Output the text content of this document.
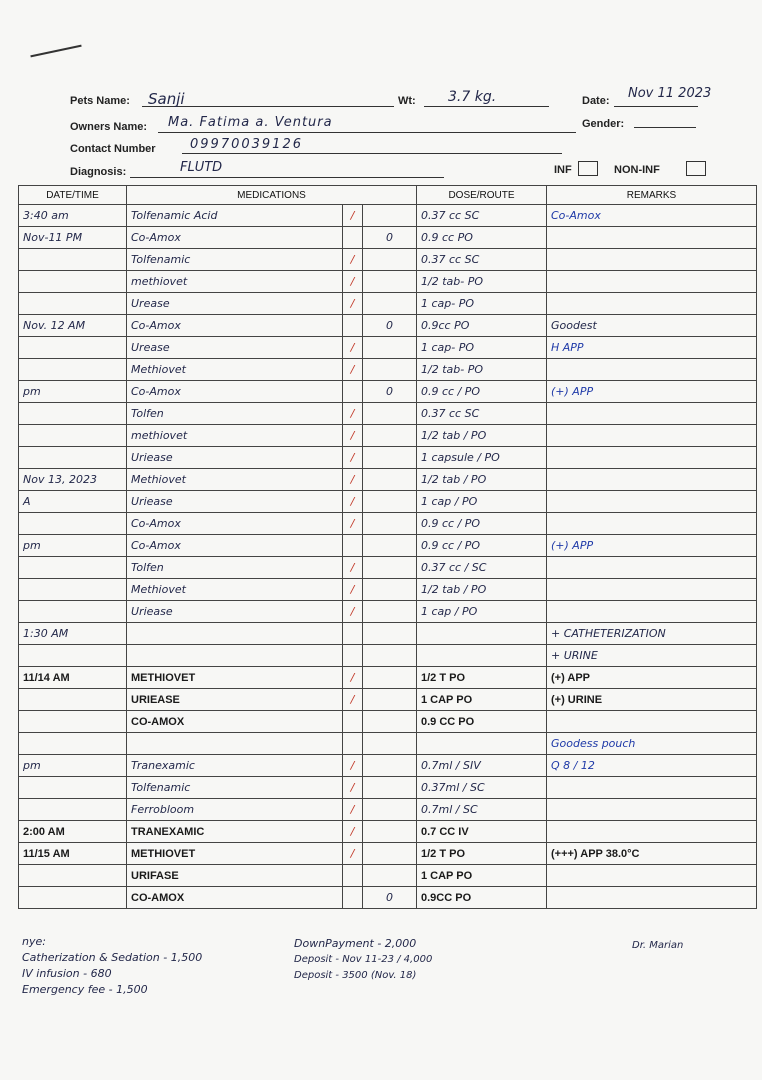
Pets Name: Sanji	Wt: 3.7 kg.	Date: Nov 11 2023
Owners Name: Ma. Fatima a. Ventura	Gender:
Contact Number	09970039126
Diagnosis:	FLUTD	INF	NON-INF
DATE/TIME	MEDICATIONS			DOSE/ROUTE	REMARKS
3:40 am	Tolfenamic Acid	/		0.37 cc SC	Co-Amox
Nov-11 PM	Co-Amox		0	0.9 cc PO	
	Tolfenamic	/		0.37 cc SC	
	methiovet	/		1/2 tab- PO	
	Urease	/		1 cap- PO	
Nov. 12 AM	Co-Amox		0	0.9cc PO	Goodest
	Urease	/		1 cap- PO	H APP
	Methiovet	/		1/2 tab- PO	
pm	Co-Amox		0	0.9 cc / PO	(+) APP
	Tolfen	/		0.37 cc SC	
	methiovet	/		1/2 tab / PO	
	Uriease	/		1 capsule / PO	
Nov 13, 2023	Methiovet	/		1/2 tab / PO	
A	Uriease	/		1 cap / PO	
	Co-Amox	/		0.9 cc / PO	
pm	Co-Amox			0.9 cc / PO	(+) APP
	Tolfen	/		0.37 cc / SC	
	Methiovet	/		1/2 tab / PO	
	Uriease	/		1 cap / PO	
1:30 AM					+ CATHETERIZATION
					+ URINE
11/14 AM	METHIOVET	/		1/2 T PO	(+) APP
	URIEASE	/		1 CAP PO	(+) URINE
	CO-AMOX			0.9 CC PO	
					Goodess pouch
pm	Tranexamic	/		0.7ml / SIV	Q 8 / 12
	Tolfenamic	/		0.37ml / SC	
	Ferrobloom	/		0.7ml / SC	
2:00 AM	TRANEXAMIC	/		0.7 CC IV	
11/15 AM	METHIOVET	/		1/2 T PO	(+++) APP 38.0°C
	URIFASE			1 CAP PO	
	CO-AMOX		0	0.9CC PO	
nye:
Catherization & Sedation - 1,500
IV infusion - 680
Emergency fee - 1,500
DownPayment - 2,000
Deposit - Nov 11-23 / 4,000
Deposit - 3500 (Nov. 18)
Dr. Marian
